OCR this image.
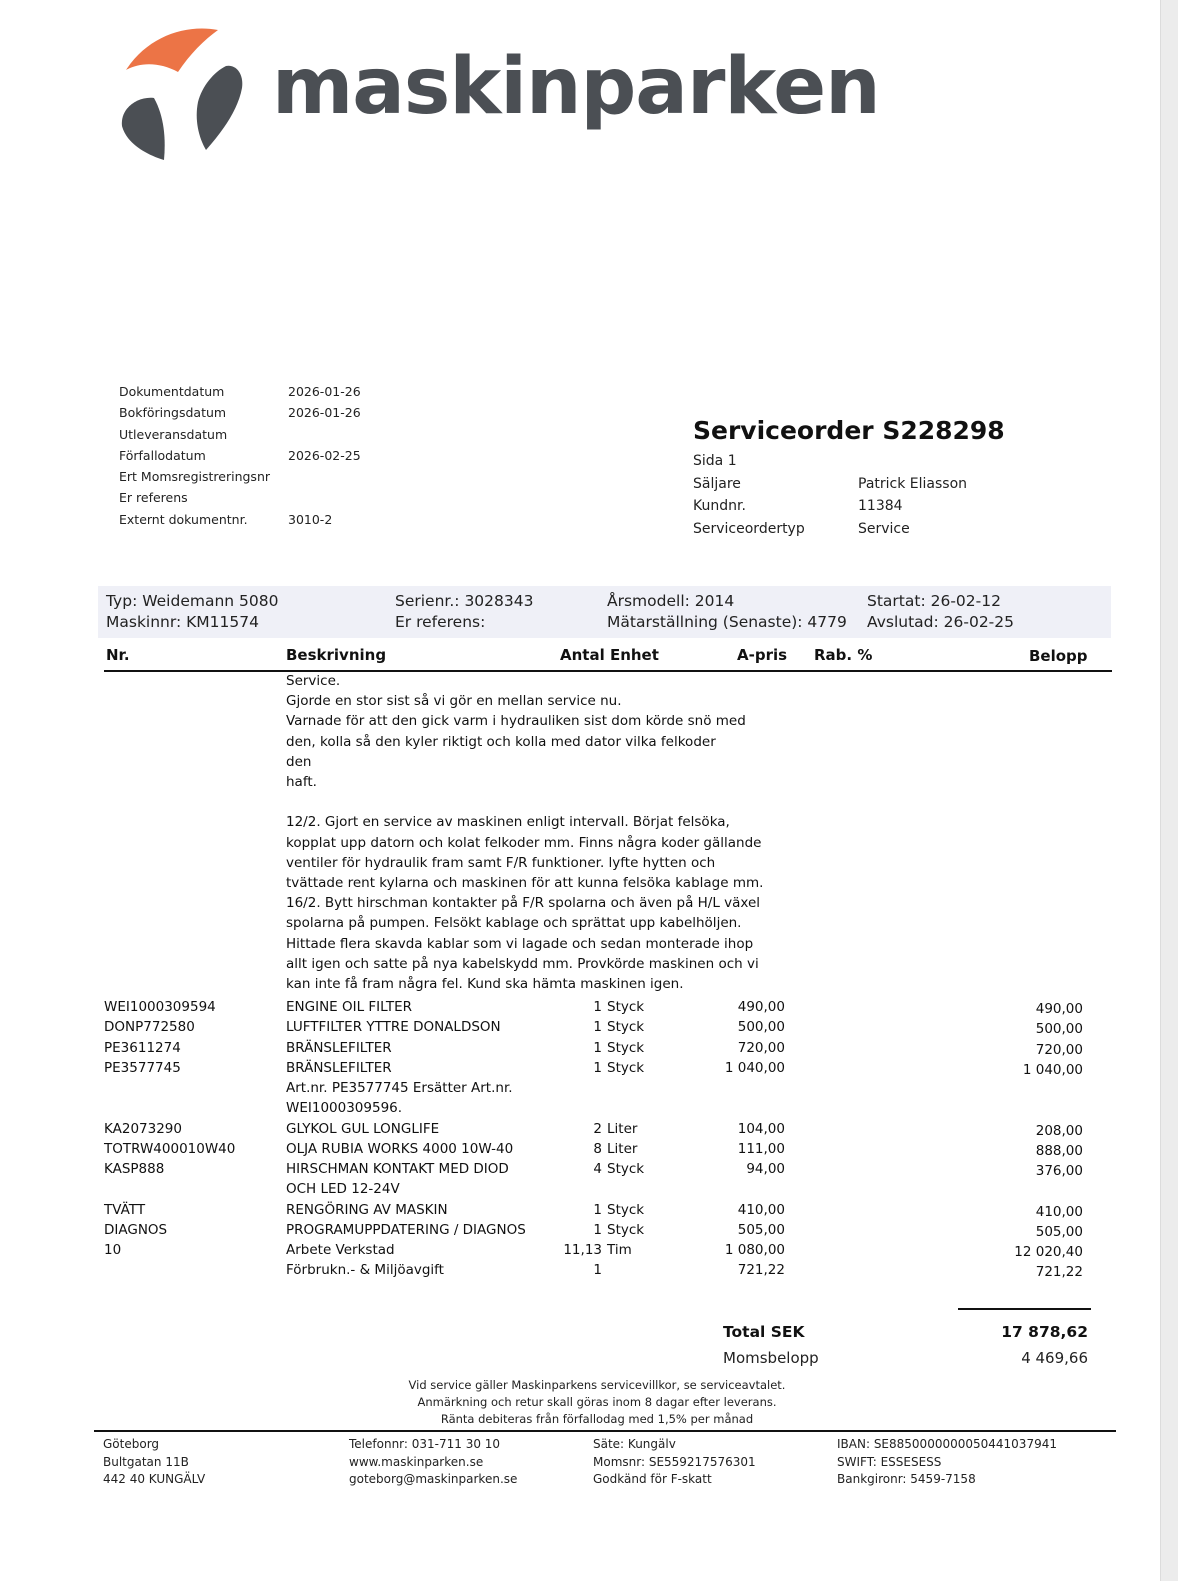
maskinparken
Dokumentdatum	2026-01-26
Bokföringsdatum	2026-01-26
Utleveransdatum
Förfallodatum	2026-02-25
Ert Momsregistreringsnr
Er referens
Externt dokumentnr.	3010-2
Serviceorder S228298
Sida 1
Säljare	Patrick Eliasson
Kundnr.	11384
Serviceordertyp	Service
Typ: Weidemann 5080
Maskinnr: KM11574
Serienr.: 3028343
Er referens:
Årsmodell: 2014
Mätarställning (Senaste): 4779
Startat: 26-02-12
Avslutad: 26-02-25
Nr.	Beskrivning	Antal Enhet	A-pris Rab. %	Belopp
Service.
Gjorde en stor sist så vi gör en mellan service nu.
Varnade för att den gick varm i hydrauliken sist dom körde snö med
den, kolla så den kyler riktigt och kolla med dator vilka felkoder
den
haft.
12/2. Gjort en service av maskinen enligt intervall. Börjat felsöka,
kopplat upp datorn och kolat felkoder mm. Finns några koder gällande
ventiler för hydraulik fram samt F/R funktioner. lyfte hytten och
tvättade rent kylarna och maskinen för att kunna felsöka kablage mm.
16/2. Bytt hirschman kontakter på F/R spolarna och även på H/L växel
spolarna på pumpen. Felsökt kablage och sprättat upp kabelhöljen.
Hittade flera skavda kablar som vi lagade och sedan monterade ihop
allt igen och satte på nya kabelskydd mm. Provkörde maskinen och vi
kan inte få fram några fel. Kund ska hämta maskinen igen.
WEI1000309594	ENGINE OIL FILTER	1 Styck	490,00	490,00
DONP772580	LUFTFILTER YTTRE DONALDSON	1 Styck	500,00	500,00
PE3611274	BRÄNSLEFILTER	1 Styck	720,00	720,00
PE3577745	BRÄNSLEFILTER	1 Styck	1 040,00	1 040,00
Art.nr. PE3577745 Ersätter Art.nr.
WEI1000309596.
KA2073290	GLYKOL GUL LONGLIFE	2 Liter	104,00	208,00
TOTRW400010W40	OLJA RUBIA WORKS 4000 10W-40	8 Liter	111,00	888,00
KASP888	HIRSCHMAN KONTAKT MED DIOD	4 Styck	94,00	376,00
OCH LED 12-24V
TVÄTT	RENGÖRING AV MASKIN	1 Styck	410,00	410,00
DIAGNOS	PROGRAMUPPDATERING / DIAGNOS	1 Styck	505,00	505,00
10	Arbete Verkstad	11,13 Tim	1 080,00	12 020,40
Förbrukn.- & Miljöavgift	1	721,22	721,22
Total SEK	17 878,62
Momsbelopp	4 469,66
Vid service gäller Maskinparkens servicevillkor, se serviceavtalet.
Anmärkning och retur skall göras inom 8 dagar efter leverans.
Ränta debiteras från förfallodag med 1,5% per månad
Göteborg
Bultgatan 11B
442 40 KUNGÄLV
Telefonnr: 031-711 30 10
www.maskinparken.se
goteborg@maskinparken.se
Säte: Kungälv
Momsnr: SE559217576301
Godkänd för F-skatt
IBAN: SE8850000000050441037941
SWIFT: ESSESESS
Bankgironr: 5459-7158
